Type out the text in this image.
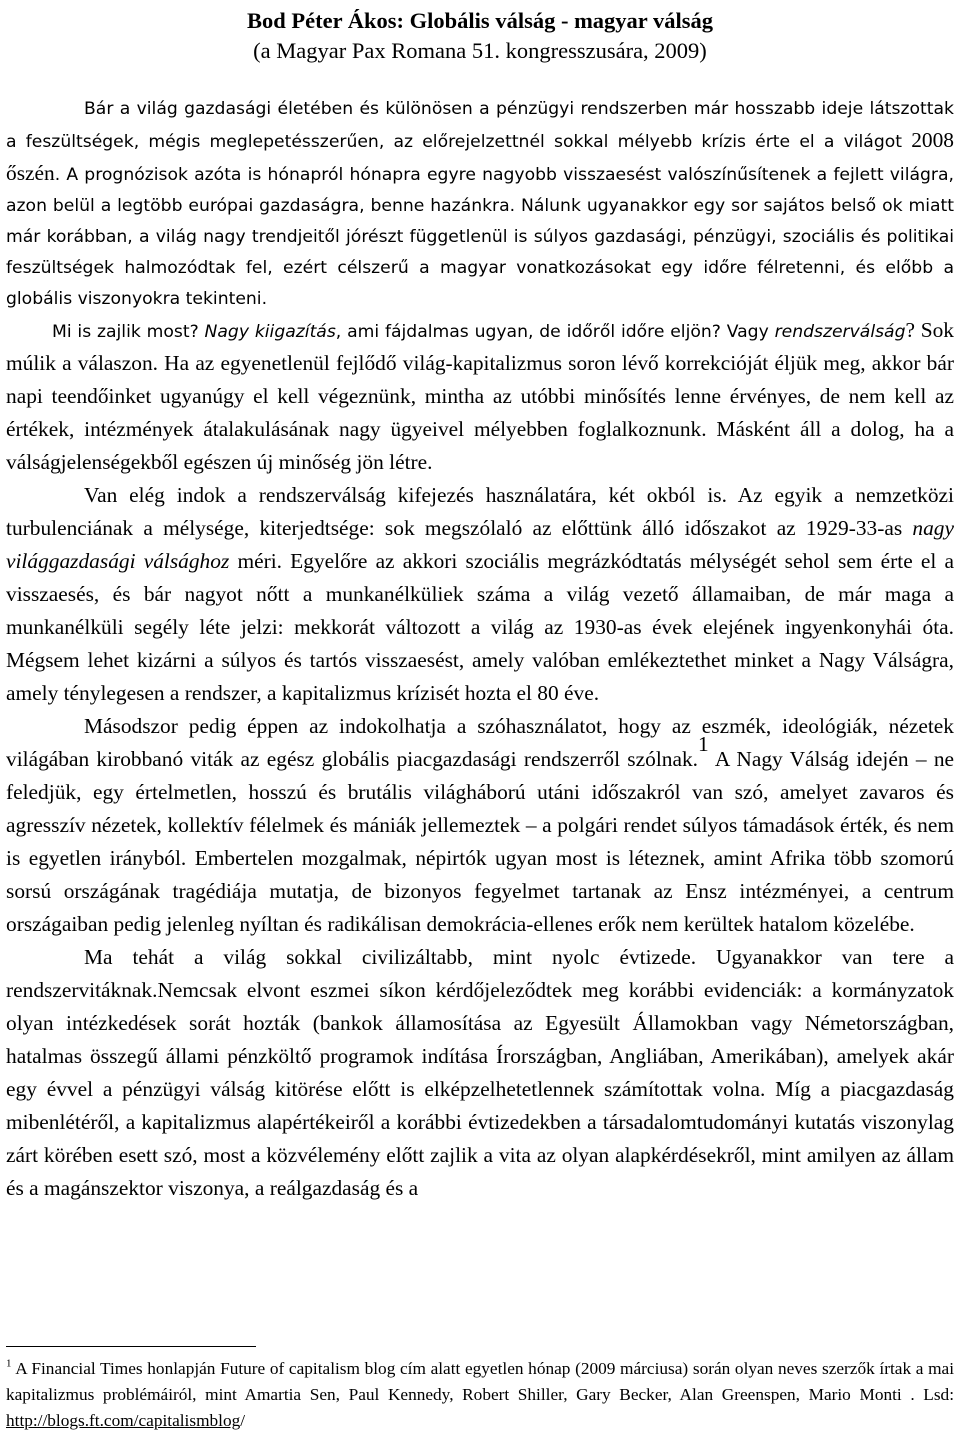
Bod Péter Ákos: Globális válság - magyar válság
(a Magyar Pax Romana 51. kongresszusára, 2009)

Bár a világ gazdasági életében és különösen a pénzügyi rendszerben már hosszabb ideje látszottak a feszültségek, mégis meglepetésszerűen, az előrejelzettnél sokkal mélyebb krízis érte el a világot 2008 őszén. A prognózisok azóta is hónapról hónapra egyre nagyobb visszaesést valószínűsítenek a fejlett világra, azon belül a legtöbb európai gazdaságra, benne hazánkra. Nálunk ugyanakkor egy sor sajátos belső ok miatt már korábban, a világ nagy trendjeitől jórészt függetlenül is súlyos gazdasági, pénzügyi, szociális és politikai feszültségek halmozódtak fel, ezért célszerű a magyar vonatkozásokat egy időre félretenni, és előbb a globális viszonyokra tekinteni.

Mi is zajlik most? Nagy kiigazítás, ami fájdalmas ugyan, de időről időre eljön? Vagy rendszerválság? Sok múlik a válaszon. Ha az egyenetlenül fejlődő világ-kapitalizmus soron lévő korrekcióját éljük meg, akkor bár napi teendőinket ugyanúgy el kell végeznünk, mintha az utóbbi minősítés lenne érvényes, de nem kell az értékek, intézmények átalakulásának nagy ügyeivel mélyebben foglalkoznunk. Másként áll a dolog, ha a válságjelenségekből egészen új minőség jön létre.

Van elég indok a rendszerválság kifejezés használatára, két okból is. Az egyik a nemzetközi turbulenciának a mélysége, kiterjedtsége: sok megszólaló az előttünk álló időszakot az 1929-33-as nagy világgazdasági válsághoz méri. Egyelőre az akkori szociális megrázkódtatás mélységét sehol sem érte el a visszaesés, és bár nagyot nőtt a munkanélküliek száma a világ vezető államaiban, de már maga a munkanélküli segély léte jelzi: mekkorát változott a világ az 1930-as évek elejének ingyenkonyhái óta. Mégsem lehet kizárni a súlyos és tartós visszaesést, amely valóban emlékeztethet minket a Nagy Válságra, amely ténylegesen a rendszer, a kapitalizmus krízisét hozta el 80 éve.

Másodszor pedig éppen az indokolhatja a szóhasználatot, hogy az eszmék, ideológiák, nézetek világában kirobbanó viták az egész globális piacgazdasági rendszerről szólnak.$^1$ A Nagy Válság idején – ne feledjük, egy értelmetlen, hosszú és brutális világháború utáni időszakról van szó, amelyet zavaros és agresszív nézetek, kollektív félelmek és mániák jellemeztek – a polgári rendet súlyos támadások érték, és nem is egyetlen irányból. Embertelen mozgalmak, népirtók ugyan most is léteznek, amint Afrika több szomorú sorsú országának tragédiája mutatja, de bizonyos fegyelmet tartanak az Ensz intézményei, a centrum országaiban pedig jelenleg nyíltan és radikálisan demokrácia-ellenes erők nem kerültek hatalom közelébe.

Ma tehát a világ sokkal civilizáltabb, mint nyolc évtizede. Ugyanakkor van tere a rendszervitáknak.Nemcsak elvont eszmei síkon kérdőjeleződtek meg korábbi evidenciák: a kormányzatok olyan intézkedések sorát hozták (bankok államosítása az Egyesült Államokban vagy Németországban, hatalmas összegű állami pénzköltő programok indítása Írországban, Angliában, Amerikában), amelyek akár egy évvel a pénzügyi válság kitörése előtt is elképzelhetetlennek számítottak volna. Míg a piacgazdaság mibenlétéről, a kapitalizmus alapértékeiről a korábbi évtizedekben a társadalomtudományi kutatás viszonylag zárt körében esett szó, most a közvélemény előtt zajlik a vita az olyan alapkérdésekről, mint amilyen az állam és a magánszektor viszonya, a reálgazdaság és a

$^1$ A Financial Times honlapján Future of capitalism blog cím alatt egyetlen hónap (2009 márciusa) során olyan neves szerzők írtak a mai kapitalizmus problémáiról, mint Amartia Sen, Paul Kennedy, Robert Shiller, Gary Becker, Alan Greenspen, Mario Monti . Lsd: http://blogs.ft.com/capitalismblog/
